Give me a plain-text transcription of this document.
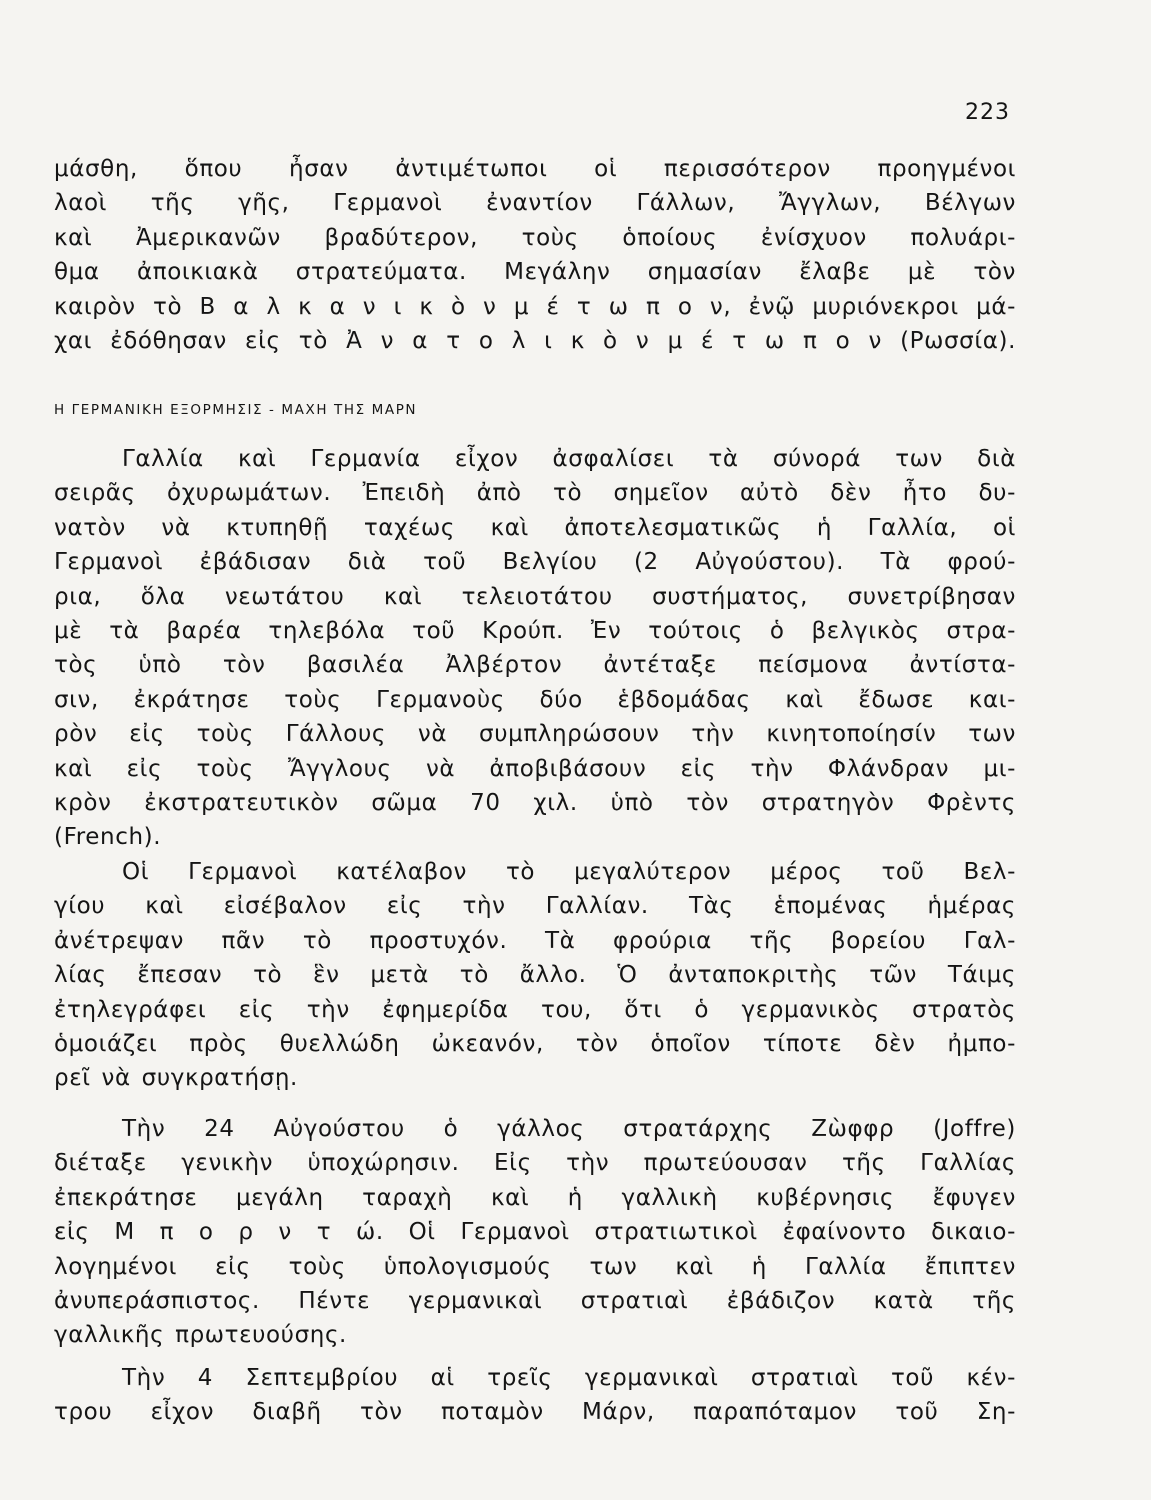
223

μάσθη, ὅπου ἦσαν ἀντιμέτωποι οἱ περισσότερον προηγμένοι
λαοὶ τῆς γῆς, Γερμανοὶ ἐναντίον Γάλλων, Ἄγγλων, Βέλγων
καὶ Ἀμερικανῶν βραδύτερον, τοὺς ὁποίους ἐνίσχυον πολυάρι-
θμα ἀποικιακὰ στρατεύματα. Μεγάλην σημασίαν ἔλαβε μὲ τὸν
καιρὸν τὸ Β α λ κ α ν ι κ ὸ ν μ έ τ ω π ο ν, ἐνῷ μυριόνεκροι μά-
χαι ἐδόθησαν εἰς τὸ Ἀ ν α τ ο λ ι κ ὸ ν μ έ τ ω π ο ν (Ρωσσία).
Η ΓΕΡΜΑΝΙΚΗ ΕΞΟΡΜΗΣΙΣ - ΜΑΧΗ ΤΗΣ ΜΑΡΝ
Γαλλία καὶ Γερμανία εἶχον ἀσφαλίσει τὰ σύνορά των διὰ
σειρᾶς ὀχυρωμάτων. Ἐπειδὴ ἀπὸ τὸ σημεῖον αὐτὸ δὲν ἦτο δυ-
νατὸν νὰ κτυπηθῇ ταχέως καὶ ἀποτελεσματικῶς ἡ Γαλλία, οἱ
Γερμανοὶ ἐβάδισαν διὰ τοῦ Βελγίου (2 Αὐγούστου). Τὰ φρού-
ρια, ὅλα νεωτάτου καὶ τελειοτάτου συστήματος, συνετρίβησαν
μὲ τὰ βαρέα τηλεβόλα τοῦ Κρούπ. Ἐν τούτοις ὁ βελγικὸς στρα-
τὸς ὑπὸ τὸν βασιλέα Ἀλβέρτον ἀντέταξε πείσμονα ἀντίστα-
σιν, ἐκράτησε τοὺς Γερμανοὺς δύο ἑβδομάδας καὶ ἔδωσε και-
ρὸν εἰς τοὺς Γάλλους νὰ συμπληρώσουν τὴν κινητοποίησίν των
καὶ εἰς τοὺς Ἄγγλους νὰ ἀποβιβάσουν εἰς τὴν Φλάνδραν μι-
κρὸν ἐκστρατευτικὸν σῶμα 70 χιλ. ὑπὸ τὸν στρατηγὸν Φρὲντς
(French).
Οἱ Γερμανοὶ κατέλαβον τὸ μεγαλύτερον μέρος τοῦ Βελ-
γίου καὶ εἰσέβαλον εἰς τὴν Γαλλίαν. Τὰς ἑπομένας ἡμέρας
ἀνέτρεψαν πᾶν τὸ προστυχόν. Τὰ φρούρια τῆς βορείου Γαλ-
λίας ἔπεσαν τὸ ἓν μετὰ τὸ ἄλλο. Ὁ ἀνταποκριτὴς τῶν Τάιμς
ἐτηλεγράφει εἰς τὴν ἐφημερίδα του, ὅτι ὁ γερμανικὸς στρατὸς
ὁμοιάζει πρὸς θυελλώδη ὠκεανόν, τὸν ὁποῖον τίποτε δὲν ἠμπο-
ρεῖ νὰ συγκρατήσῃ.
Τὴν 24 Αὐγούστου ὁ γάλλος στρατάρχης Ζὼφφρ (Joffre)
διέταξε γενικὴν ὑποχώρησιν. Εἰς τὴν πρωτεύουσαν τῆς Γαλλίας
ἐπεκράτησε μεγάλη ταραχὴ καὶ ἡ γαλλικὴ κυβέρνησις ἔφυγεν
εἰς Μ π ο ρ ν τ ώ. Οἱ Γερμανοὶ στρατιωτικοὶ ἐφαίνοντο δικαιο-
λογημένοι εἰς τοὺς ὑπολογισμούς των καὶ ἡ Γαλλία ἔπιπτεν
ἀνυπεράσπιστος. Πέντε γερμανικαὶ στρατιαὶ ἐβάδιζον κατὰ τῆς
γαλλικῆς πρωτευούσης.
Τὴν 4 Σεπτεμβρίου αἱ τρεῖς γερμανικαὶ στρατιαὶ τοῦ κέν-
τρου εἶχον διαβῆ τὸν ποταμὸν Μάρν, παραπόταμον τοῦ Ση-
